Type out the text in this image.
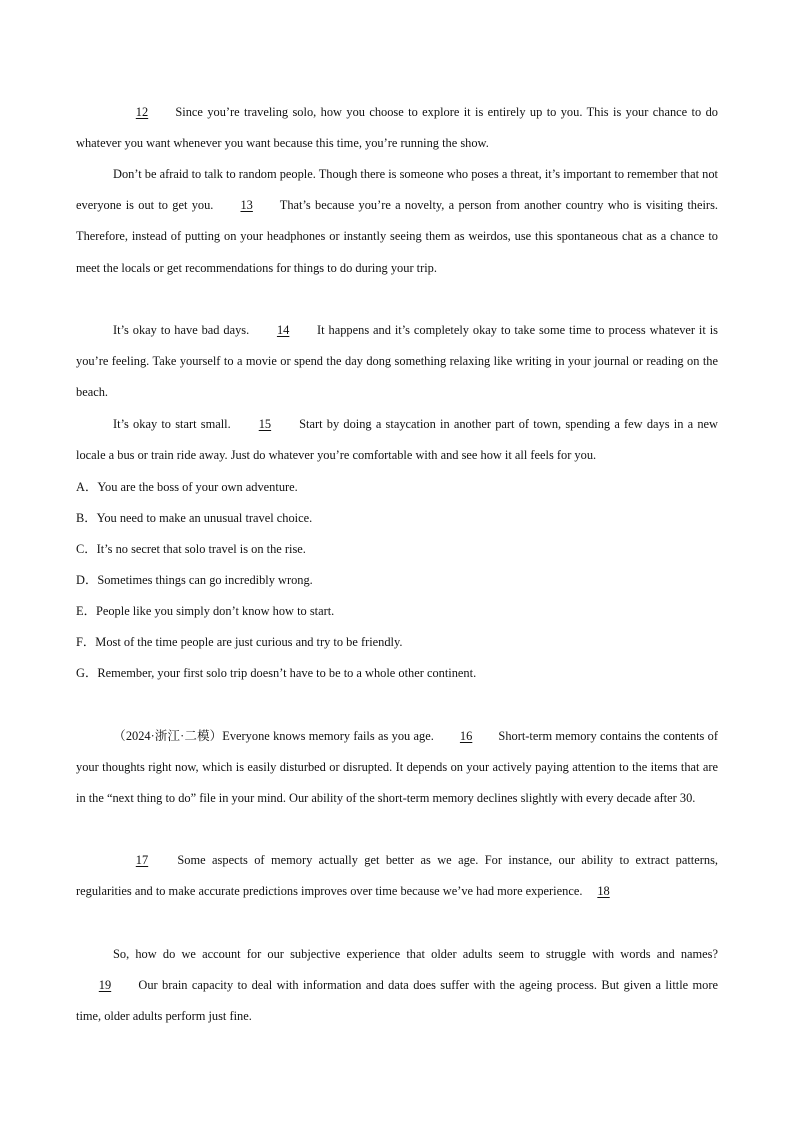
12 Since you’re traveling solo, how you choose to explore it is entirely up to you. This is your chance to do whatever you want whenever you want because this time, you’re running the show.
Don’t be afraid to talk to random people. Though there is someone who poses a threat, it’s important to remember that not everyone is out to get you. 13 That’s because you’re a novelty, a person from another country who is visiting theirs. Therefore, instead of putting on your headphones or instantly seeing them as weirdos, use this spontaneous chat as a chance to meet the locals or get recommendations for things to do during your trip.
It’s okay to have bad days. 14 It happens and it’s completely okay to take some time to process whatever it is you’re feeling. Take yourself to a movie or spend the day dong something relaxing like writing in your journal or reading on the beach.
It’s okay to start small. 15 Start by doing a staycation in another part of town, spending a few days in a new locale a bus or train ride away. Just do whatever you’re comfortable with and see how it all feels for you.
A．You are the boss of your own adventure.
B．You need to make an unusual travel choice.
C．It’s no secret that solo travel is on the rise.
D．Sometimes things can go incredibly wrong.
E．People like you simply don’t know how to start.
F．Most of the time people are just curious and try to be friendly.
G．Remember, your first solo trip doesn’t have to be to a whole other continent.
（2024·浙江·二模）Everyone knows memory fails as you age. 16 Short-term memory contains the contents of your thoughts right now, which is easily disturbed or disrupted. It depends on your actively paying attention to the items that are in the “next thing to do” file in your mind. Our ability of the short-term memory declines slightly with every decade after 30.
17 Some aspects of memory actually get better as we age. For instance, our ability to extract patterns, regularities and to make accurate predictions improves over time because we’ve had more experience. 18
So, how do we account for our subjective experience that older adults seem to struggle with words and names? 19 Our brain capacity to deal with information and data does suffer with the ageing process. But given a little more time, older adults perform just fine.
